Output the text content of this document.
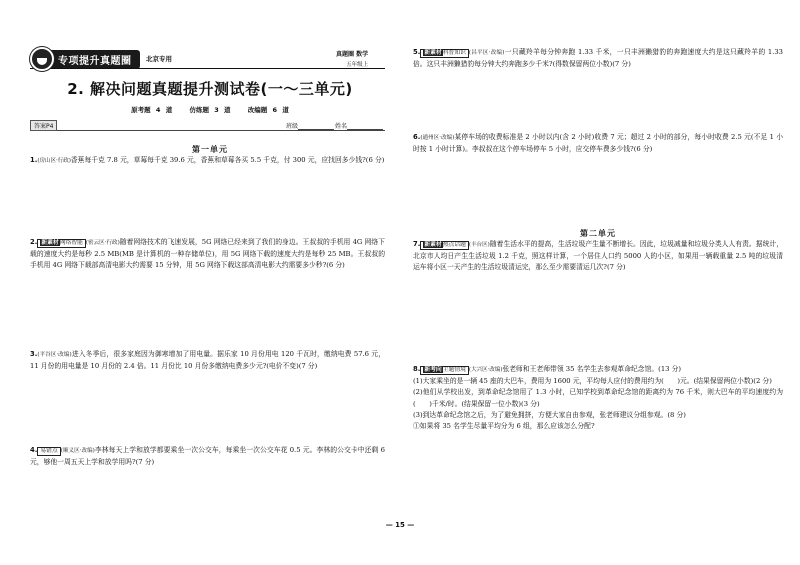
专项提升真题圈	北京专用
真题圈 数学
五年级上
2. 解决问题真题提升测试卷(一～三单元)
原考题 4 道	仿练题 3 道	改编题 6 道
答案P4	班级	姓名
第一单元
1.(房山区·行政)香蕉每千克 7.8 元，草莓每千克 39.6 元，香蕉和草莓各买 5.5 千克，付 300 元，应找回多少钱?(6 分)
2. 新素材网络智能 (密云区·行政)随着网络技术的飞速发展，5G 网络已经来到了我们的身边。王叔叔的手机用 4G 网络下载的速度大约是每秒 2.5 MB(MB 是计算机的一种存储单位)，用 5G 网络下载的速度大约是每秒 25 MB。王叔叔的手机用 4G 网络下载部高清电影大约需要 15 分钟，用 5G 网络下载这部高清电影大约需要多少秒?(6 分)
3.(平谷区·改编)进入冬季后，很多家庭因为御寒增加了用电量。据乐家 10 月份用电 120 千瓦时，缴纳电费 57.6 元，11 月份的用电量是 10 月份的 2.4 倍。11 月份比 10 月份多缴纳电费多少元?(电价不变)(7 分)
4. 易错点 (顺义区·改编)李林每天上学和放学都要乘坐一次公交车，每乘坐一次公交车花 0.5 元。李林的公交卡中还剩 6 元，够他一周五天上学和放学用吗?(7 分)
5. 新素材科普知识 (昌平区·改编)一只藏羚羊每分钟奔跑 1.33 千米，一只丰洲獭猎豹的奔跑速度大约是这只藏羚羊的 1.33 倍。这只丰洲獭猎豹每分钟大约奔跑多少千米?(得数保留两位小数)(7 分)
6.(通州区·改编)某停车场的收费标准是 2 小时以内(含 2 小时)收费 7 元；超过 2 小时的部分，每小时收费 2.5 元(不足 1 小时按 1 小时计算)。李叔叔在这个停车场停车 5 小时，应交停车费多少钱?(6 分)
第二单元
7. 新素材热点话题 (丰台区)随着生活水平的提高，生活垃圾产生量不断增长。因此，垃圾减量和垃圾分类人人有责。据统计，北京市人均日产生生活垃圾 1.2 千克，照这样计算，一个居住人口约 5000 人的小区，如果用一辆载重量 2.5 吨的垃圾清运车将小区一天产生的生活垃圾清运完，那么至少需要清运几次?(7 分)
8. 新考向主题情境 (大兴区·改编)张老师和王老师带领 35 名学生去参观革命纪念馆。(13 分)
(1)大家乘坐的是一辆 45 座的大巴车，费用为 1600 元，平均每人应付的费用约为(　　)元。(结果保留两位小数)(2 分)
(2)他们从学校出发，到革命纪念馆用了 1.3 小时，已知学校到革命纪念馆的距离约为 76 千米，则大巴车的平均速度约为(　　)千米/时。(结果保留一位小数)(3 分)
(3)到达革命纪念馆之后，为了避免拥挤，方便大家自由参观，张老师建议分组参观。(8 分)
①如果将 35 名学生尽量平均分为 6 组，那么应该怎么分配?
— 15 —
